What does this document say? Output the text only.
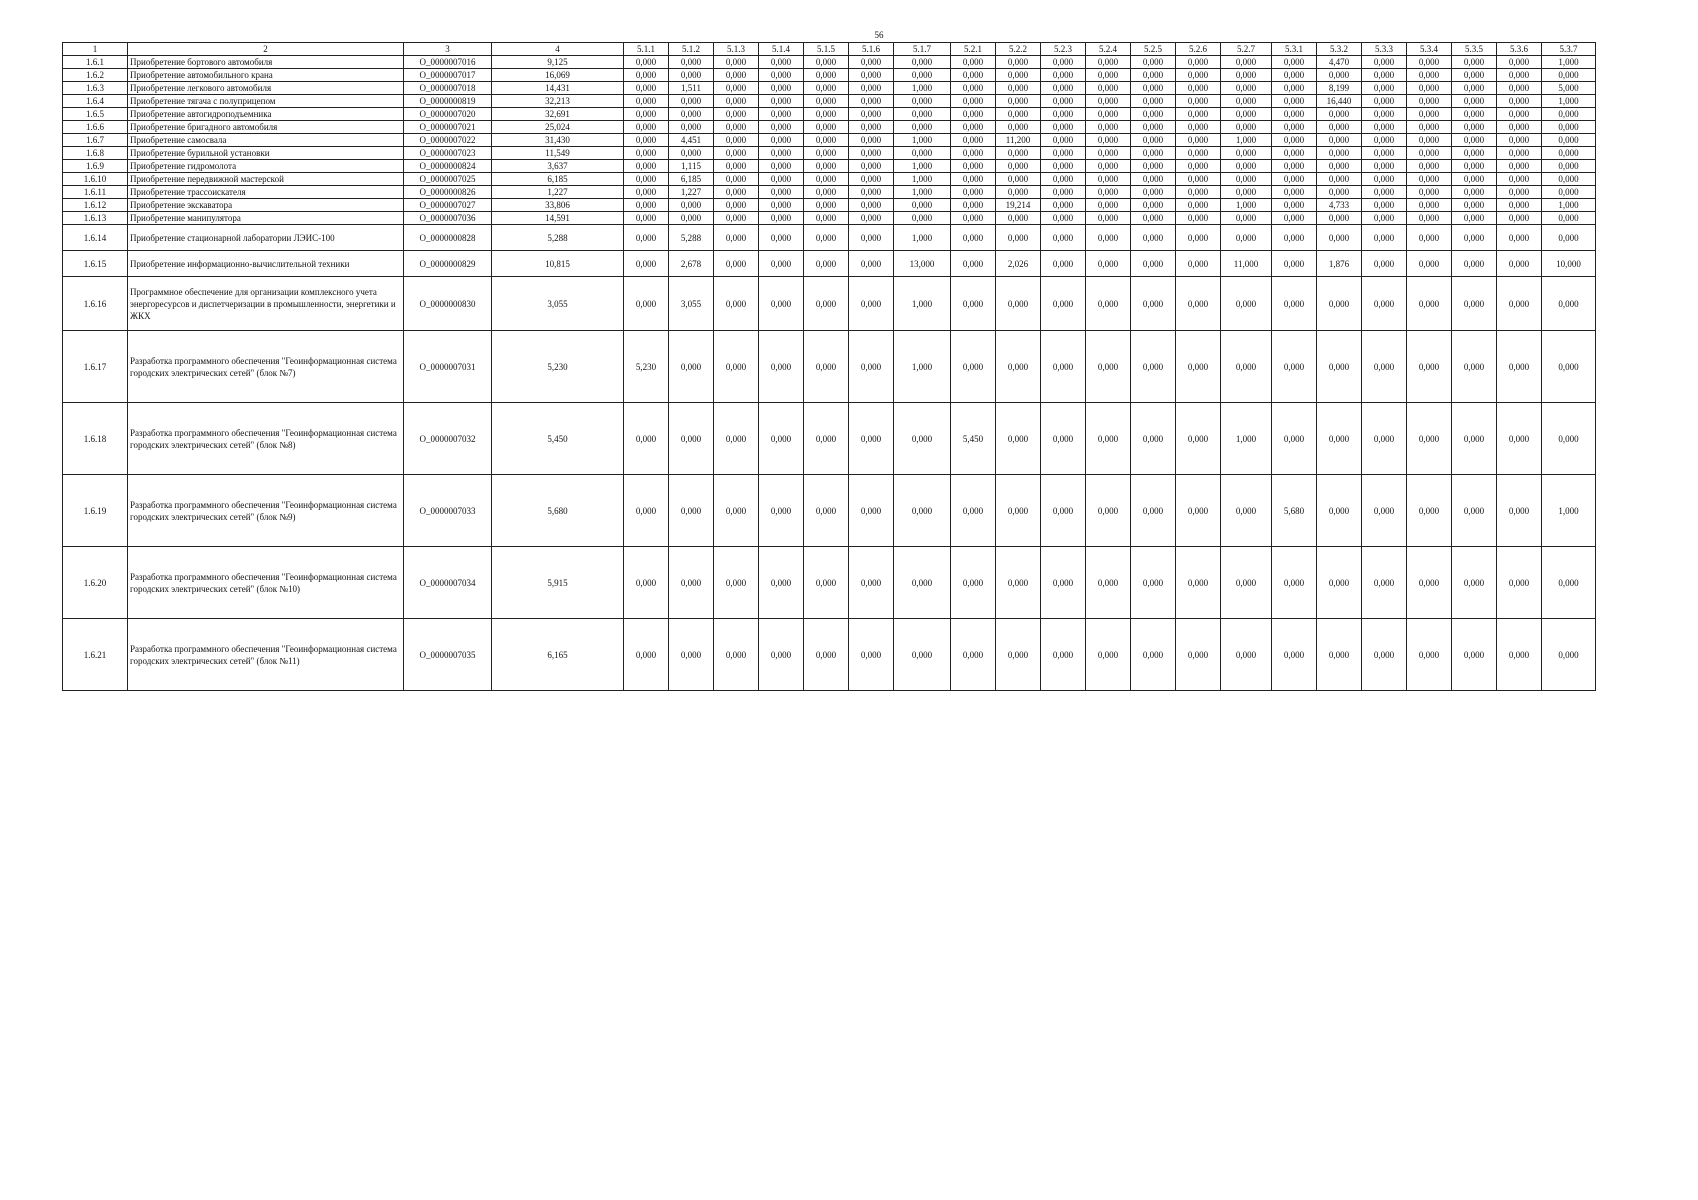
56
1	2	3	4	5.1.1	5.1.2	5.1.3	5.1.4	5.1.5	5.1.6	5.1.7	5.2.1	5.2.2	5.2.3	5.2.4	5.2.5	5.2.6	5.2.7	5.3.1	5.3.2	5.3.3	5.3.4	5.3.5	5.3.6	5.3.7
1.6.1	Приобретение бортового автомобиля	О_0000007016	9,125	0,000	0,000	0,000	0,000	0,000	0,000	0,000	0,000	0,000	0,000	0,000	0,000	0,000	0,000	0,000	4,470	0,000	0,000	0,000	0,000	1,000
1.6.2	Приобретение автомобильного крана	О_0000007017	16,069	0,000	0,000	0,000	0,000	0,000	0,000	0,000	0,000	0,000	0,000	0,000	0,000	0,000	0,000	0,000	0,000	0,000	0,000	0,000	0,000	0,000
1.6.3	Приобретение легкового автомобиля	О_0000007018	14,431	0,000	1,511	0,000	0,000	0,000	0,000	1,000	0,000	0,000	0,000	0,000	0,000	0,000	0,000	0,000	8,199	0,000	0,000	0,000	0,000	5,000
1.6.4	Приобретение тягача с полуприцепом	О_0000000819	32,213	0,000	0,000	0,000	0,000	0,000	0,000	0,000	0,000	0,000	0,000	0,000	0,000	0,000	0,000	0,000	16,440	0,000	0,000	0,000	0,000	1,000
1.6.5	Приобретение автогидроподъемника	О_0000007020	32,691	0,000	0,000	0,000	0,000	0,000	0,000	0,000	0,000	0,000	0,000	0,000	0,000	0,000	0,000	0,000	0,000	0,000	0,000	0,000	0,000	0,000
1.6.6	Приобретение бригадного автомобиля	О_0000007021	25,024	0,000	0,000	0,000	0,000	0,000	0,000	0,000	0,000	0,000	0,000	0,000	0,000	0,000	0,000	0,000	0,000	0,000	0,000	0,000	0,000	0,000
1.6.7	Приобретение самосвала	О_0000007022	31,430	0,000	4,451	0,000	0,000	0,000	0,000	1,000	0,000	11,200	0,000	0,000	0,000	0,000	1,000	0,000	0,000	0,000	0,000	0,000	0,000	0,000
1.6.8	Приобретение бурильной установки	О_0000007023	11,549	0,000	0,000	0,000	0,000	0,000	0,000	0,000	0,000	0,000	0,000	0,000	0,000	0,000	0,000	0,000	0,000	0,000	0,000	0,000	0,000	0,000
1.6.9	Приобретение гидромолота	О_0000000824	3,637	0,000	1,115	0,000	0,000	0,000	0,000	1,000	0,000	0,000	0,000	0,000	0,000	0,000	0,000	0,000	0,000	0,000	0,000	0,000	0,000	0,000
1.6.10	Приобретение передвижной мастерской	О_0000007025	6,185	0,000	6,185	0,000	0,000	0,000	0,000	1,000	0,000	0,000	0,000	0,000	0,000	0,000	0,000	0,000	0,000	0,000	0,000	0,000	0,000	0,000
1.6.11	Приобретение трассоискателя	О_0000000826	1,227	0,000	1,227	0,000	0,000	0,000	0,000	1,000	0,000	0,000	0,000	0,000	0,000	0,000	0,000	0,000	0,000	0,000	0,000	0,000	0,000	0,000
1.6.12	Приобретение экскаватора	О_0000007027	33,806	0,000	0,000	0,000	0,000	0,000	0,000	0,000	0,000	19,214	0,000	0,000	0,000	0,000	1,000	0,000	4,733	0,000	0,000	0,000	0,000	1,000
1.6.13	Приобретение манипулятора	О_0000007036	14,591	0,000	0,000	0,000	0,000	0,000	0,000	0,000	0,000	0,000	0,000	0,000	0,000	0,000	0,000	0,000	0,000	0,000	0,000	0,000	0,000	0,000
1.6.14	Приобретение стационарной лаборатории ЛЭИС-100	О_0000000828	5,288	0,000	5,288	0,000	0,000	0,000	0,000	1,000	0,000	0,000	0,000	0,000	0,000	0,000	0,000	0,000	0,000	0,000	0,000	0,000	0,000	0,000
1.6.15	Приобретение информационно-вычислительной техники	О_0000000829	10,815	0,000	2,678	0,000	0,000	0,000	0,000	13,000	0,000	2,026	0,000	0,000	0,000	0,000	11,000	0,000	1,876	0,000	0,000	0,000	0,000	10,000
1.6.16	Программное обеспечение для организации комплексного учета энергоресурсов и диспетчеризации в промышленности, энергетики и ЖКХ	О_0000000830	3,055	0,000	3,055	0,000	0,000	0,000	0,000	1,000	0,000	0,000	0,000	0,000	0,000	0,000	0,000	0,000	0,000	0,000	0,000	0,000	0,000	0,000
1.6.17	Разработка программного обеспечения "Геоинформационная система городских электрических сетей" (блок №7)	О_0000007031	5,230	5,230	0,000	0,000	0,000	0,000	0,000	1,000	0,000	0,000	0,000	0,000	0,000	0,000	0,000	0,000	0,000	0,000	0,000	0,000	0,000	0,000
1.6.18	Разработка программного обеспечения "Геоинформационная система городских электрических сетей" (блок №8)	О_0000007032	5,450	0,000	0,000	0,000	0,000	0,000	0,000	0,000	5,450	0,000	0,000	0,000	0,000	0,000	1,000	0,000	0,000	0,000	0,000	0,000	0,000	0,000
1.6.19	Разработка программного обеспечения "Геоинформационная система городских электрических сетей" (блок №9)	О_0000007033	5,680	0,000	0,000	0,000	0,000	0,000	0,000	0,000	0,000	0,000	0,000	0,000	0,000	0,000	0,000	5,680	0,000	0,000	0,000	0,000	0,000	1,000
1.6.20	Разработка программного обеспечения "Геоинформационная система городских электрических сетей" (блок №10)	О_0000007034	5,915	0,000	0,000	0,000	0,000	0,000	0,000	0,000	0,000	0,000	0,000	0,000	0,000	0,000	0,000	0,000	0,000	0,000	0,000	0,000	0,000	0,000
1.6.21	Разработка программного обеспечения "Геоинформационная система городских электрических сетей" (блок №11)	О_0000007035	6,165	0,000	0,000	0,000	0,000	0,000	0,000	0,000	0,000	0,000	0,000	0,000	0,000	0,000	0,000	0,000	0,000	0,000	0,000	0,000	0,000	0,000
